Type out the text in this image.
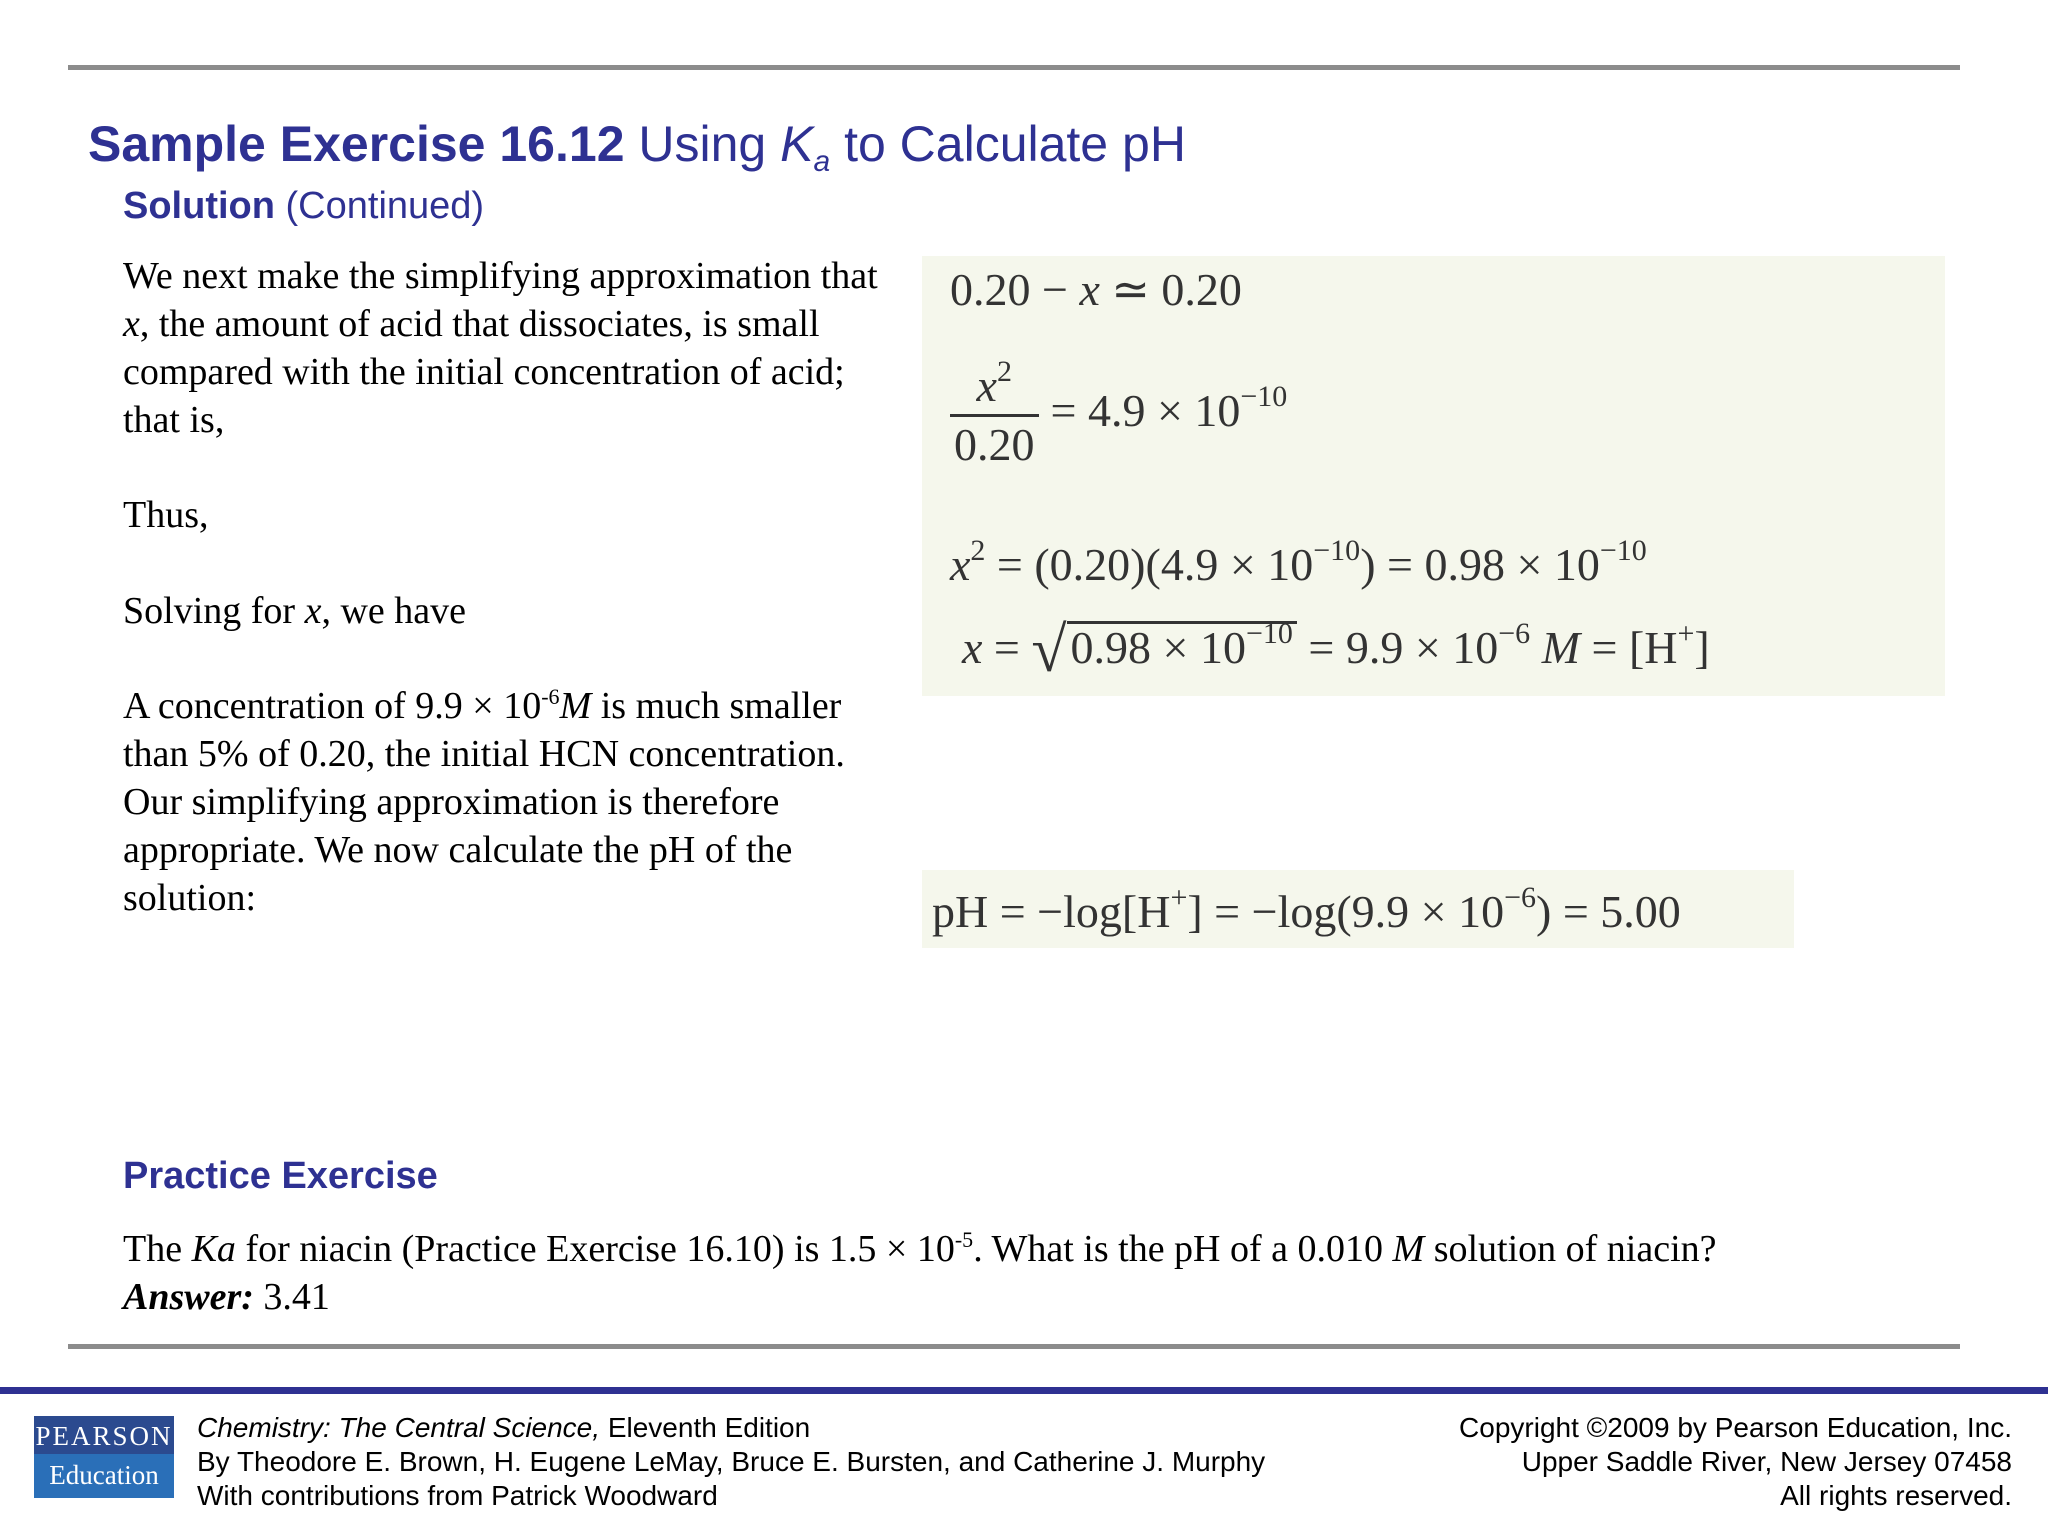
Sample Exercise 16.12 Using $K_a$ to Calculate pH
Solution (Continued)

We next make the simplifying approximation that x, the amount of acid that dissociates, is small compared with the initial concentration of acid; that is,

Thus,

Solving for x, we have

A concentration of $9.9 \times 10^{-6}M$ is much smaller than 5% of 0.20, the initial HCN concentration. Our simplifying approximation is therefore appropriate. We now calculate the pH of the solution:

0.20 − x ≃ 0.20
$\frac{x^2}{0.20} = 4.9 \times 10^{-10}$
$x^2 = (0.20)(4.9 \times 10^{-10}) = 0.98 \times 10^{-10}$
$x = √0.98 \times 10^{-10} = 9.9 \times 10^{-6}$ M = [H+]
pH = $-\log[H^+] = -\log(9.9 \times 10^{-6}) = 5.00$
Practice Exercise

The Ka for niacin (Practice Exercise 16.10) is $1.5 \times 10^{-5}$. What is the pH of a 0.010 M solution of niacin?
Answer: 3.41

PEARSON
Education
Chemistry: The Central Science, Eleventh Edition
By Theodore E. Brown, H. Eugene LeMay, Bruce E. Bursten, and Catherine J. Murphy
With contributions from Patrick Woodward
Copyright ©2009 by Pearson Education, Inc.
Upper Saddle River, New Jersey 07458
All rights reserved.
